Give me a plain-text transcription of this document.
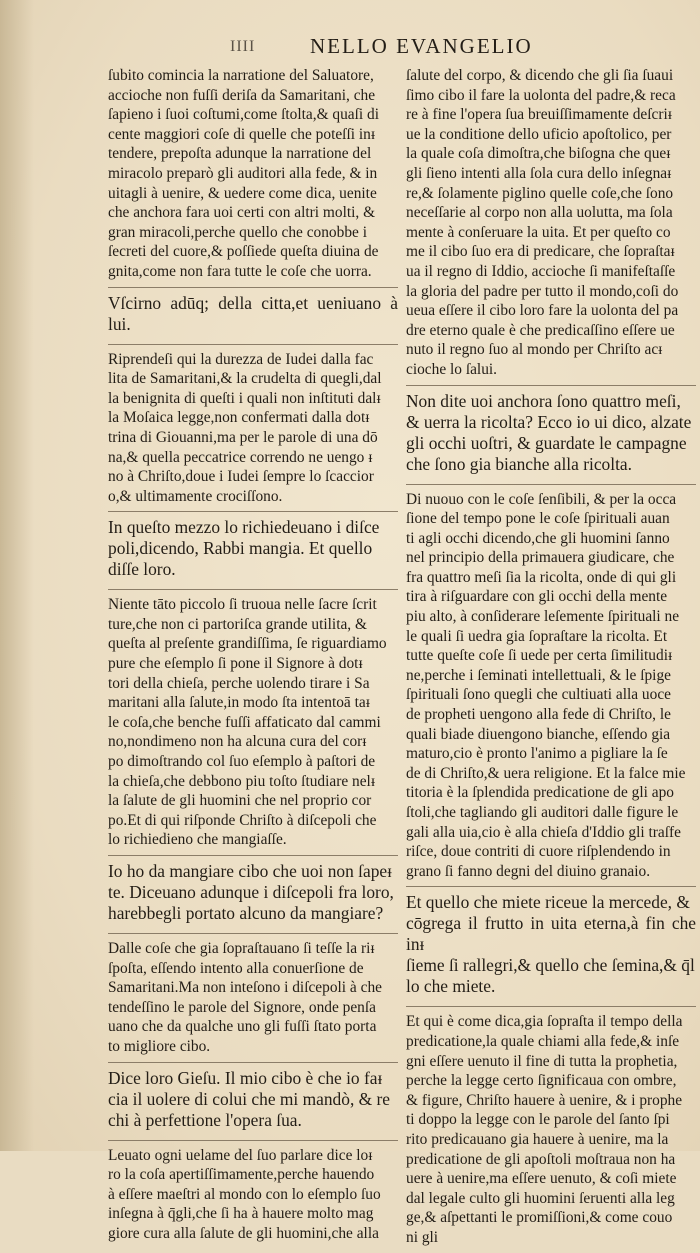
IIII	NELLO EVANGELIO

ſubito comincia la narratione del Saluatore,
accioche non fuſſi deriſa da Samaritani, che
ſapieno i ſuoi coſtumi,come ſtolta,& quaſi di
cente maggiori coſe di quelle che poteſſi inᵻ
tendere, prepoſta adunque la narratione del
miracolo preparò gli auditori alla fede, & in
uitagli à uenire, & uedere come dica, uenite
che anchora fara uoi certi con altri molti, &
gran miracoli,perche quello che conobbe i
ſecreti del cuore,& poſſiede queſta diuina de
gnita,come non fara tutte le coſe che uorra.

Vſcirno adūq; della citta,et ueniuano à lui.

Riprendeſi qui la durezza de Iudei dalla fac
lita de Samaritani,& la crudelta di quegli,dal
la benignita di queſti i quali non inſtituti dalᵻ
la Moſaica legge,non confermati dalla dotᵻ
trina di Giouanni,ma per le parole di una dō
na,& quella peccatrice correndo ne uengo ᵻ
no à Chriſto,doue i Iudei ſempre lo ſcaccior
o,& ultimamente crociſſono.

In queſto mezzo lo richiedeuano i diſce
poli,dicendo, Rabbi mangia. Et quello
diſſe loro.

Niente tāto piccolo ſi truoua nelle ſacre ſcrit
ture,che non ci partoriſca grande utilita, &
queſta al preſente grandiſſima, ſe riguardiamo
pure che eſemplo ſi pone il Signore à dotᵻ
tori della chieſa, perche uolendo tirare i Sa
maritani alla ſalute,in modo ſta intentoā taᵻ
le coſa,che benche fuſſi affaticato dal cammi
no,nondimeno non ha alcuna cura del corᵻ
po dimoſtrando col ſuo eſemplo à paſtori de
la chieſa,che debbono piu toſto ſtudiare nelᵻ
la ſalute de gli huomini che nel proprio cor
po.Et di qui riſponde Chriſto à diſcepoli che
lo richiedieno che mangiaſſe.

Io ho da mangiare cibo che uoi non ſapeᵻ
te. Diceuano adunque i diſcepoli fra loro,
harebbegli portato alcuno da mangiare?

Dalle coſe che gia ſopraſtauano ſi teſſe la riᵻ
ſpoſta, eſſendo intento alla conuerſione de
Samaritani.Ma non inteſono i diſcepoli à che
tendeſſino le parole del Signore, onde penſa
uano che da qualche uno gli fuſſi ſtato porta
to migliore cibo.

Dice loro Gieſu. Il mio cibo è che io faᵻ
cia il uolere di colui che mi mandò, & re
chi à perfettione l'opera ſua.

Leuato ogni uelame del ſuo parlare dice loᵻ
ro la coſa apertiſſimamente,perche hauendo
à eſſere maeſtri al mondo con lo eſemplo ſuo
inſegna à q̄gli,che ſi ha à hauere molto mag
giore cura alla ſalute de gli huomini,che alla

ſalute del corpo, & dicendo che gli ſia ſuaui
ſimo cibo il fare la uolonta del padre,& reca
re à fine l'opera ſua breuiſſimamente deſcriᵻ
ue la conditione dello uficio apoſtolico, per
la quale coſa dimoſtra,che biſogna che queᵻ
gli ſieno intenti alla ſola cura dello inſegnaᵻ
re,& ſolamente piglino quelle coſe,che ſono
neceſſarie al corpo non alla uolutta, ma ſola
mente à conſeruare la uita. Et per queſto co
me il cibo ſuo era di predicare, che ſopraſtaᵻ
ua il regno di Iddio, accioche ſi manifeſtaſſe
la gloria del padre per tutto il mondo,coſi do
ueua eſſere il cibo loro fare la uolonta del pa
dre eterno quale è che predicaſſino eſſere ue
nuto il regno ſuo al mondo per Chriſto acᵻ
cioche lo ſalui.

Non dite uoi anchora ſono quattro meſi,
& uerra la ricolta? Ecco io ui dico, alzate
gli occhi uoſtri, & guardate le campagne
che ſono gia bianche alla ricolta.

Di nuouo con le coſe ſenſibili, & per la occa
ſione del tempo pone le coſe ſpirituali auan
ti agli occhi dicendo,che gli huomini ſanno
nel principio della primauera giudicare, che
fra quattro meſi ſia la ricolta, onde di qui gli
tira à riſguardare con gli occhi della mente
piu alto, à conſiderare leſemente ſpirituali ne
le quali ſi uedra gia ſopraſtare la ricolta. Et
tutte queſte coſe ſi uede per certa ſimilitudiᵻ
ne,perche i ſeminati intellettuali, & le ſpige
ſpirituali ſono quegli che cultiuati alla uoce
de propheti uengono alla fede di Chriſto, le
quali biade diuengono bianche, eſſendo gia
maturo,cio è pronto l'animo a pigliare la ſe
de di Chriſto,& uera religione. Et la falce mie
titoria è la ſplendida predicatione de gli apo
ſtoli,che tagliando gli auditori dalle figure le
gali alla uia,cio è alla chieſa d'Iddio gli traſfe
riſce, doue contriti di cuore riſplendendo in
grano ſi fanno degni del diuino granaio.

Et quello che miete riceue la mercede, &
cōgrega il frutto in uita eterna,à fin che inᵻ
ſieme ſi rallegri,& quello che ſemina,& q̄l
lo che miete.

Et qui è come dica,gia ſopraſta il tempo della
predicatione,la quale chiami alla fede,& inſe
gni eſſere uenuto il fine di tutta la prophetia,
perche la legge certo ſignificaua con ombre,
& figure, Chriſto hauere à uenire, & i prophe
ti doppo la legge con le parole del ſanto ſpi
rito predicauano gia hauere à uenire, ma la
predicatione de gli apoſtoli moſtraua non ha
uere à uenire,ma eſſere uenuto, & coſi miete
dal legale culto gli huomini ſeruenti alla leg
ge,& aſpettanti le promiſſioni,& come couo
ni gli
